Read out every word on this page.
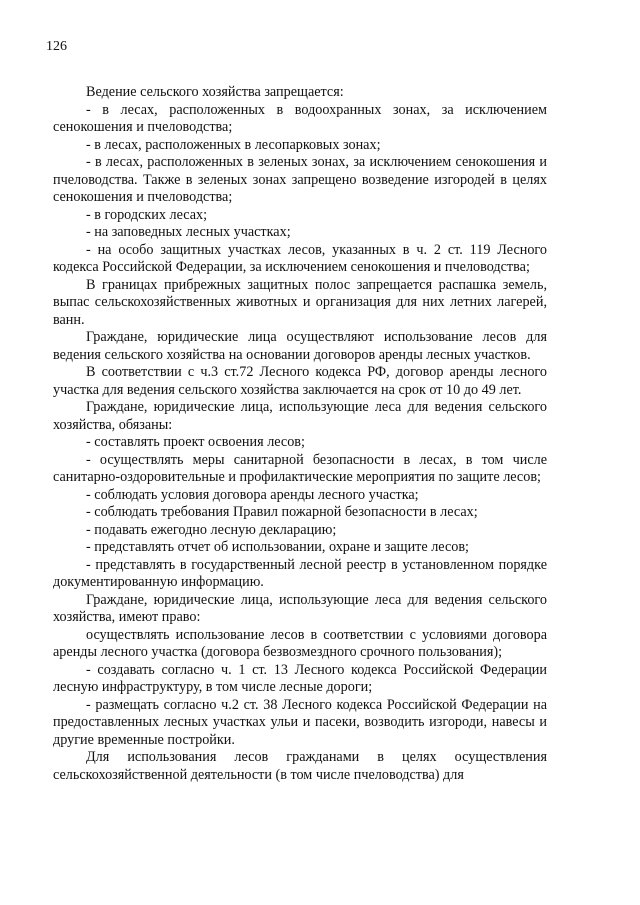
126

Ведение сельского хозяйства запрещается:

- в лесах, расположенных в водоохранных зонах, за исключением сенокошения и пчеловодства;

- в лесах, расположенных в лесопарковых зонах;

- в лесах, расположенных в зеленых зонах, за исключением сенокошения и пчеловодства. Также в зеленых зонах запрещено возведение изгородей в целях сенокошения и пчеловодства;

- в городских лесах;

- на заповедных лесных участках;

- на особо защитных участках лесов, указанных в ч. 2 ст. 119 Лесного кодекса Российской Федерации, за исключением сенокошения и пчеловодства;

В границах прибрежных защитных полос запрещается распашка земель, выпас сельскохозяйственных животных и организация для них летних лагерей, ванн.

Граждане, юридические лица осуществляют использование лесов для ведения сельского хозяйства на основании договоров аренды лесных участков.

В соответствии с ч.3 ст.72 Лесного кодекса РФ, договор аренды лесного участка для ведения сельского хозяйства заключается на срок от 10 до 49 лет.

Граждане, юридические лица, использующие леса для ведения сельского хозяйства, обязаны:

- составлять проект освоения лесов;

- осуществлять меры санитарной безопасности в лесах, в том числе санитарно-оздоровительные и профилактические мероприятия по защите лесов;

- соблюдать условия договора аренды лесного участка;

- соблюдать требования Правил пожарной безопасности в лесах;

- подавать ежегодно лесную декларацию;

- представлять отчет об использовании, охране и защите лесов;

- представлять в государственный лесной реестр в установленном порядке документированную информацию.

Граждане, юридические лица, использующие леса для ведения сельского хозяйства, имеют право:

осуществлять использование лесов в соответствии с условиями договора аренды лесного участка (договора безвозмездного срочного пользования);

- создавать согласно ч. 1 ст. 13 Лесного кодекса Российской Федерации лесную инфраструктуру, в том числе лесные дороги;

- размещать согласно ч.2 ст. 38 Лесного кодекса Российской Федерации на предоставленных лесных участках ульи и пасеки, возводить изгороди, навесы и другие временные постройки.

Для использования лесов гражданами в целях осуществления сельскохозяйственной деятельности (в том числе пчеловодства) для
